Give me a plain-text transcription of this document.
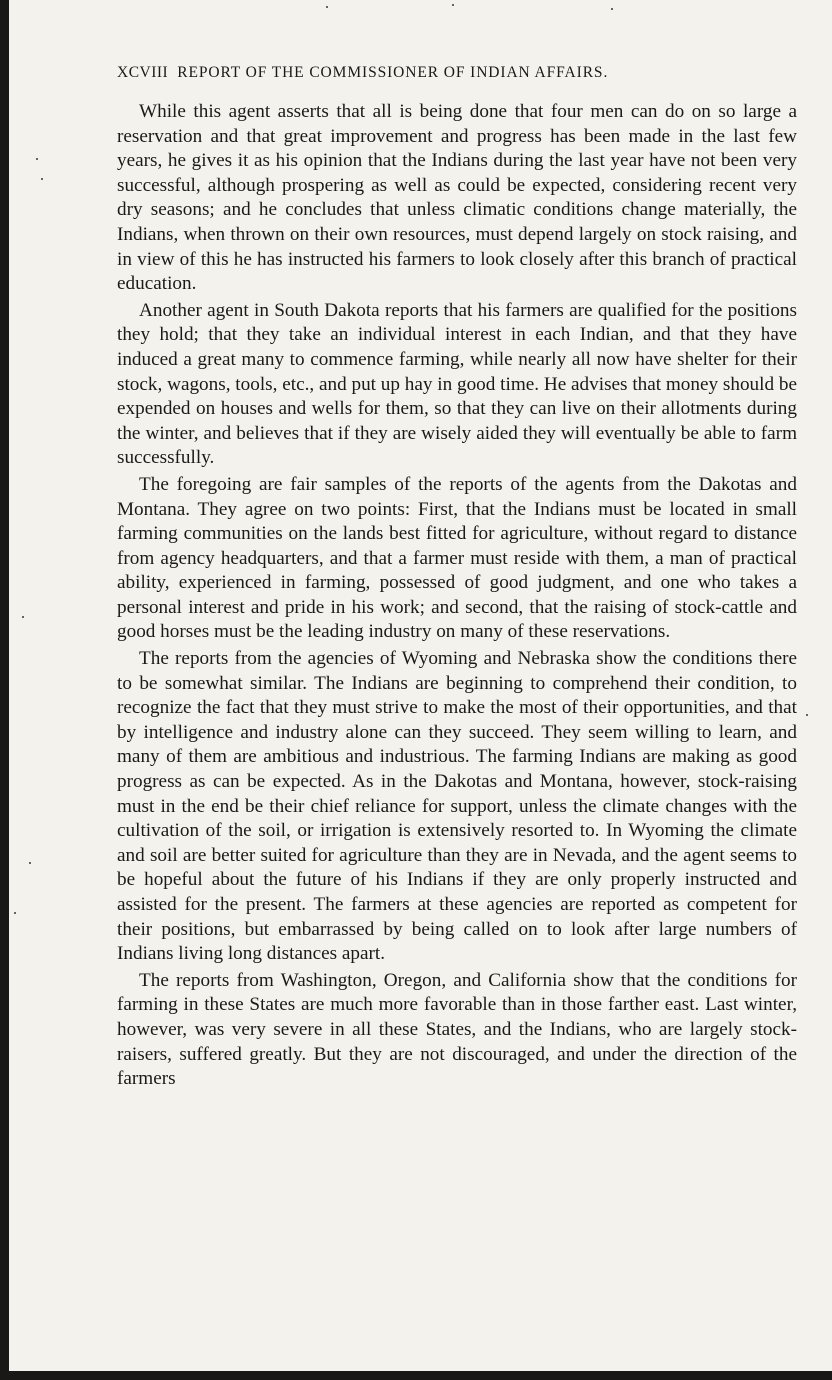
XCVIII REPORT OF THE COMMISSIONER OF INDIAN AFFAIRS.

While this agent asserts that all is being done that four men can do on so large a reservation and that great improvement and progress has been made in the last few years, he gives it as his opinion that the Indians during the last year have not been very successful, although prospering as well as could be expected, considering recent very dry seasons; and he concludes that unless climatic conditions change materially, the Indians, when thrown on their own resources, must depend largely on stock raising, and in view of this he has instructed his farmers to look closely after this branch of practical education.

Another agent in South Dakota reports that his farmers are qualified for the positions they hold; that they take an individual interest in each Indian, and that they have induced a great many to commence farming, while nearly all now have shelter for their stock, wagons, tools, etc., and put up hay in good time. He advises that money should be expended on houses and wells for them, so that they can live on their allotments during the winter, and believes that if they are wisely aided they will eventually be able to farm successfully.

The foregoing are fair samples of the reports of the agents from the Dakotas and Montana. They agree on two points: First, that the Indians must be located in small farming communities on the lands best fitted for agriculture, without regard to distance from agency headquarters, and that a farmer must reside with them, a man of practical ability, experienced in farming, possessed of good judgment, and one who takes a personal interest and pride in his work; and second, that the raising of stock-cattle and good horses must be the leading industry on many of these reservations.

The reports from the agencies of Wyoming and Nebraska show the conditions there to be somewhat similar. The Indians are beginning to comprehend their condition, to recognize the fact that they must strive to make the most of their opportunities, and that by intelligence and industry alone can they succeed. They seem willing to learn, and many of them are ambitious and industrious. The farming Indians are making as good progress as can be expected. As in the Dakotas and Montana, however, stock-raising must in the end be their chief reliance for support, unless the climate changes with the cultivation of the soil, or irrigation is extensively resorted to. In Wyoming the climate and soil are better suited for agriculture than they are in Nevada, and the agent seems to be hopeful about the future of his Indians if they are only properly instructed and assisted for the present. The farmers at these agencies are reported as competent for their positions, but embarrassed by being called on to look after large numbers of Indians living long distances apart.

The reports from Washington, Oregon, and California show that the conditions for farming in these States are much more favorable than in those farther east. Last winter, however, was very severe in all these States, and the Indians, who are largely stock-raisers, suffered greatly. But they are not discouraged, and under the direction of the farmers
